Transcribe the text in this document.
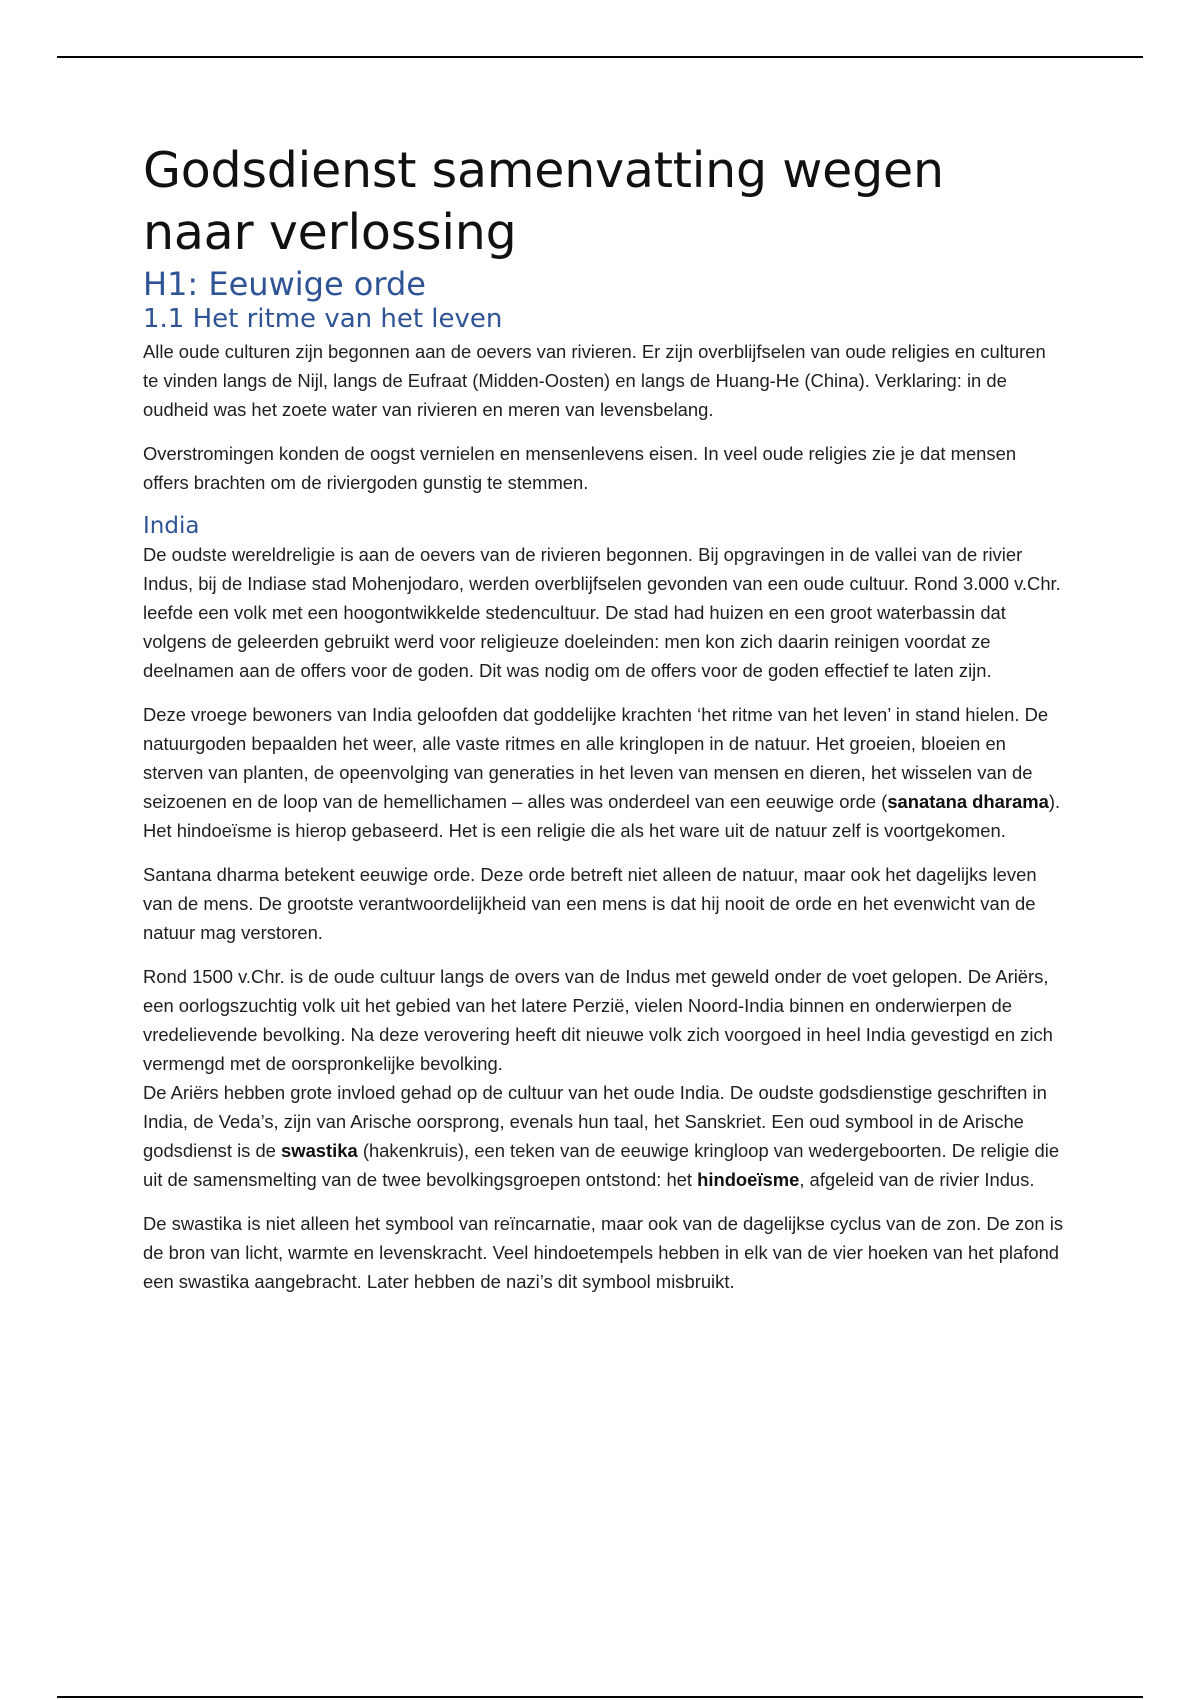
Godsdienst samenvatting wegen naar verlossing
H1: Eeuwige orde
1.1 Het ritme van het leven

Alle oude culturen zijn begonnen aan de oevers van rivieren. Er zijn overblijfselen van oude religies en culturen te vinden langs de Nijl, langs de Eufraat (Midden-Oosten) en langs de Huang-He (China). Verklaring: in de oudheid was het zoete water van rivieren en meren van levensbelang.

Overstromingen konden de oogst vernielen en mensenlevens eisen. In veel oude religies zie je dat mensen offers brachten om de riviergoden gunstig te stemmen.

India

De oudste wereldreligie is aan de oevers van de rivieren begonnen. Bij opgravingen in de vallei van de rivier Indus, bij de Indiase stad Mohenjodaro, werden overblijfselen gevonden van een oude cultuur. Rond 3.000 v.Chr. leefde een volk met een hoogontwikkelde stedencultuur. De stad had huizen en een groot waterbassin dat volgens de geleerden gebruikt werd voor religieuze doeleinden: men kon zich daarin reinigen voordat ze deelnamen aan de offers voor de goden. Dit was nodig om de offers voor de goden effectief te laten zijn.

Deze vroege bewoners van India geloofden dat goddelijke krachten ‘het ritme van het leven’ in stand hielen. De natuurgoden bepaalden het weer, alle vaste ritmes en alle kringlopen in de natuur. Het groeien, bloeien en sterven van planten, de opeenvolging van generaties in het leven van mensen en dieren, het wisselen van de seizoenen en de loop van de hemellichamen – alles was onderdeel van een eeuwige orde (sanatana dharama). Het hindoeïsme is hierop gebaseerd. Het is een religie die als het ware uit de natuur zelf is voortgekomen.

Santana dharma betekent eeuwige orde. Deze orde betreft niet alleen de natuur, maar ook het dagelijks leven van de mens. De grootste verantwoordelijkheid van een mens is dat hij nooit de orde en het evenwicht van de natuur mag verstoren.

Rond 1500 v.Chr. is de oude cultuur langs de overs van de Indus met geweld onder de voet gelopen. De Ariërs, een oorlogszuchtig volk uit het gebied van het latere Perzië, vielen Noord-India binnen en onderwierpen de vredelievende bevolking. Na deze verovering heeft dit nieuwe volk zich voorgoed in heel India gevestigd en zich vermengd met de oorspronkelijke bevolking.

De Ariërs hebben grote invloed gehad op de cultuur van het oude India. De oudste godsdienstige geschriften in India, de Veda’s, zijn van Arische oorsprong, evenals hun taal, het Sanskriet. Een oud symbool in de Arische godsdienst is de swastika (hakenkruis), een teken van de eeuwige kringloop van wedergeboorten. De religie die uit de samensmelting van de twee bevolkingsgroepen ontstond: het hindoeïsme, afgeleid van de rivier Indus.

De swastika is niet alleen het symbool van reïncarnatie, maar ook van de dagelijkse cyclus van de zon. De zon is de bron van licht, warmte en levenskracht. Veel hindoetempels hebben in elk van de vier hoeken van het plafond een swastika aangebracht. Later hebben de nazi’s dit symbool misbruikt.
